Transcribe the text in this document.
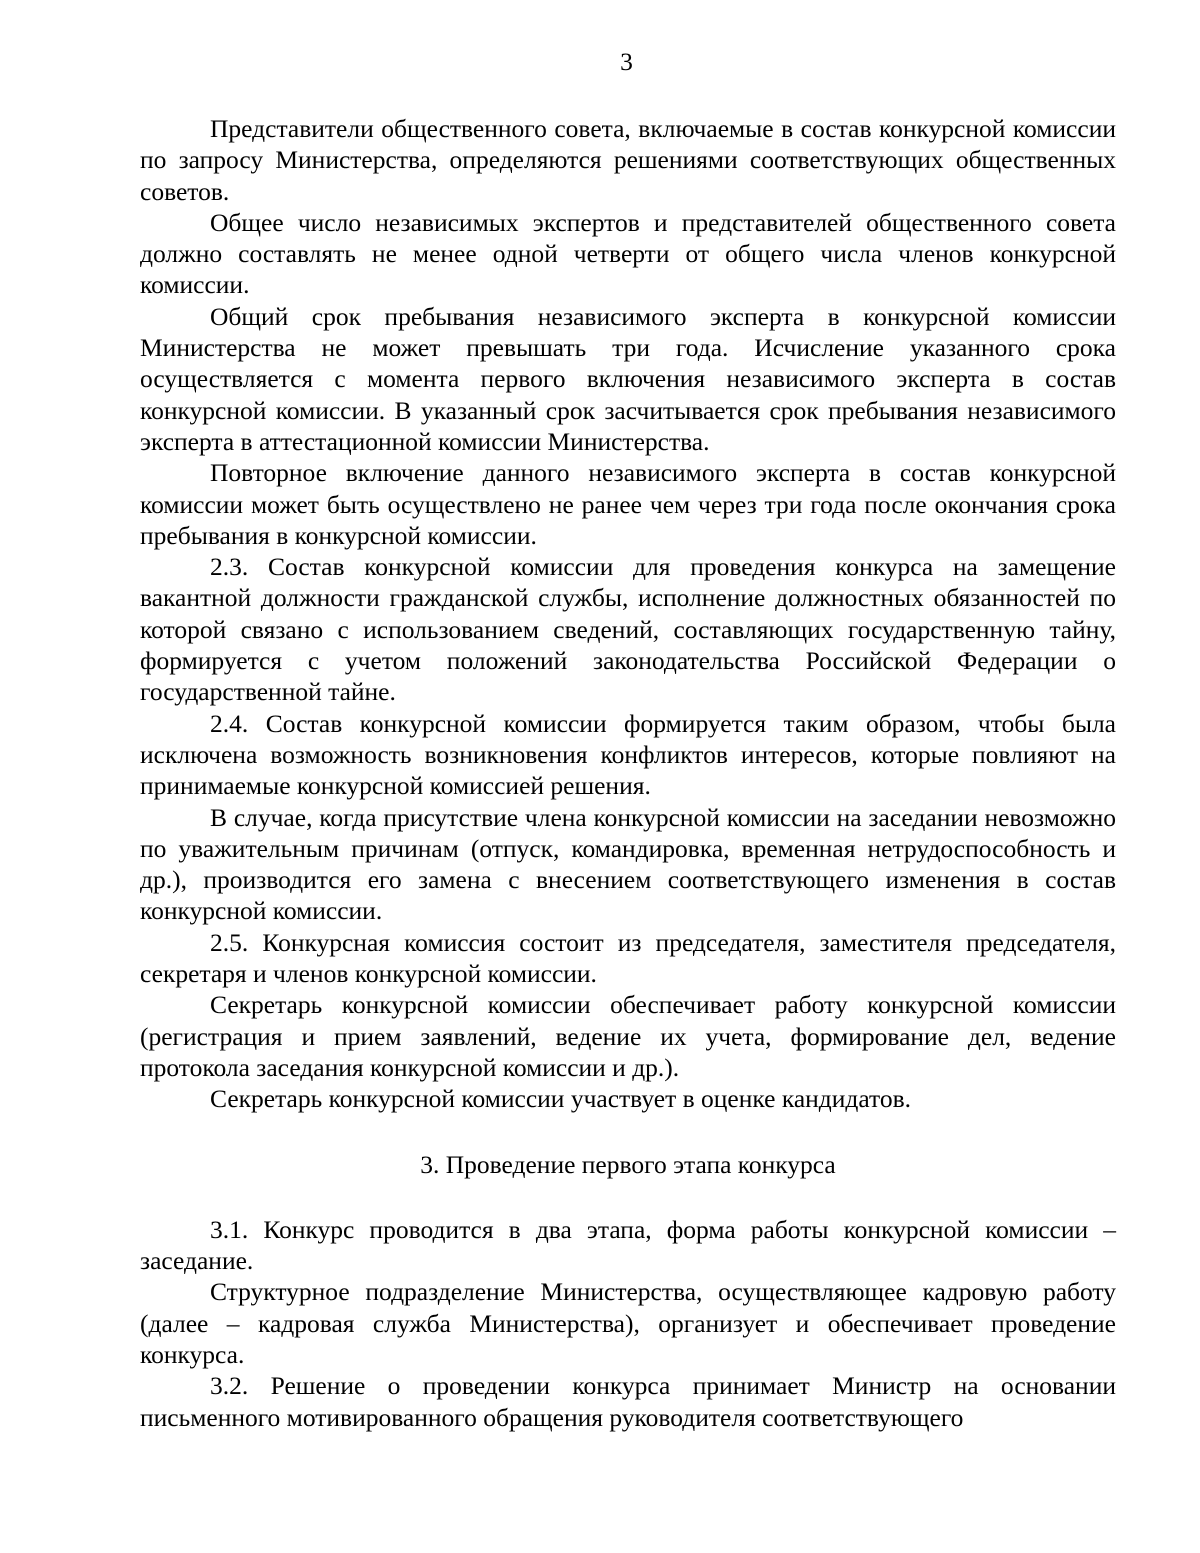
3

Представители общественного совета, включаемые в состав конкурсной комиссии по запросу Министерства, определяются решениями соответствующих общественных советов.

Общее число независимых экспертов и представителей общественного совета должно составлять не менее одной четверти от общего числа членов конкурсной комиссии.

Общий срок пребывания независимого эксперта в конкурсной комиссии Министерства не может превышать три года. Исчисление указанного срока осуществляется с момента первого включения независимого эксперта в состав конкурсной комиссии. В указанный срок засчитывается срок пребывания независимого эксперта в аттестационной комиссии Министерства.

Повторное включение данного независимого эксперта в состав конкурсной комиссии может быть осуществлено не ранее чем через три года после окончания срока пребывания в конкурсной комиссии.

2.3. Состав конкурсной комиссии для проведения конкурса на замещение вакантной должности гражданской службы, исполнение должностных обязанностей по которой связано с использованием сведений, составляющих государственную тайну, формируется с учетом положений законодательства Российской Федерации о государственной тайне.

2.4. Состав конкурсной комиссии формируется таким образом, чтобы была исключена возможность возникновения конфликтов интересов, которые повлияют на принимаемые конкурсной комиссией решения.

В случае, когда присутствие члена конкурсной комиссии на заседании невозможно по уважительным причинам (отпуск, командировка, временная нетрудоспособность и др.), производится его замена с внесением соответствующего изменения в состав конкурсной комиссии.

2.5. Конкурсная комиссия состоит из председателя, заместителя председателя, секретаря и членов конкурсной комиссии.

Секретарь конкурсной комиссии обеспечивает работу конкурсной комиссии (регистрация и прием заявлений, ведение их учета, формирование дел, ведение протокола заседания конкурсной комиссии и др.).

Секретарь конкурсной комиссии участвует в оценке кандидатов.

3. Проведение первого этапа конкурса

3.1. Конкурс проводится в два этапа, форма работы конкурсной комиссии – заседание.

Структурное подразделение Министерства, осуществляющее кадровую работу (далее – кадровая служба Министерства), организует и обеспечивает проведение конкурса.

3.2. Решение о проведении конкурса принимает Министр на основании письменного мотивированного обращения руководителя соответствующего
